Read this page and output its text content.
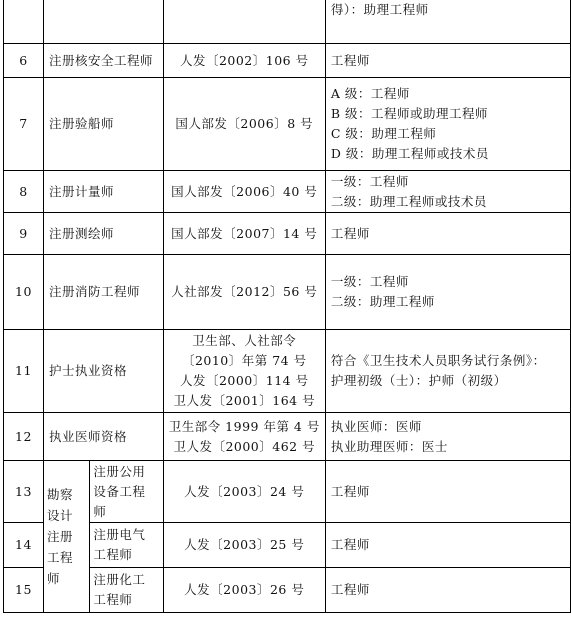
				得）：助理工程师

6	注册核安全工程师		人发〔2002〕106 号	工程师

7	注册验船师		国人部发〔2006〕8 号	A 级：工程师
B 级：工程师或助理工程师
C 级：助理工程师
D 级：助理工程师或技术员

8	注册计量师		国人部发〔2006〕40 号	一级：工程师
二级：助理工程师或技术员

9	注册测绘师		国人部发〔2007〕14 号	工程师

10	注册消防工程师		人社部发〔2012〕56 号	一级：工程师
二级：助理工程师

11	护士执业资格		卫生部、人社部令
〔2010〕年第 74 号
人发〔2000〕114 号
卫人发〔2001〕164 号	符合《卫生技术人员职务试行条例》：
护理初级（士）：护师（初级）

12	执业医师资格		卫生部令 1999 年第 4 号
卫人发〔2000〕462 号	执业医师：医师
执业助理医师：医士

13	勘察
设计
注册
工程
师	注册公用
设备工程
师	人发〔2003〕24 号	工程师

14		注册电气
工程师	人发〔2003〕25 号	工程师

15		注册化工
工程师	人发〔2003〕26 号	工程师
